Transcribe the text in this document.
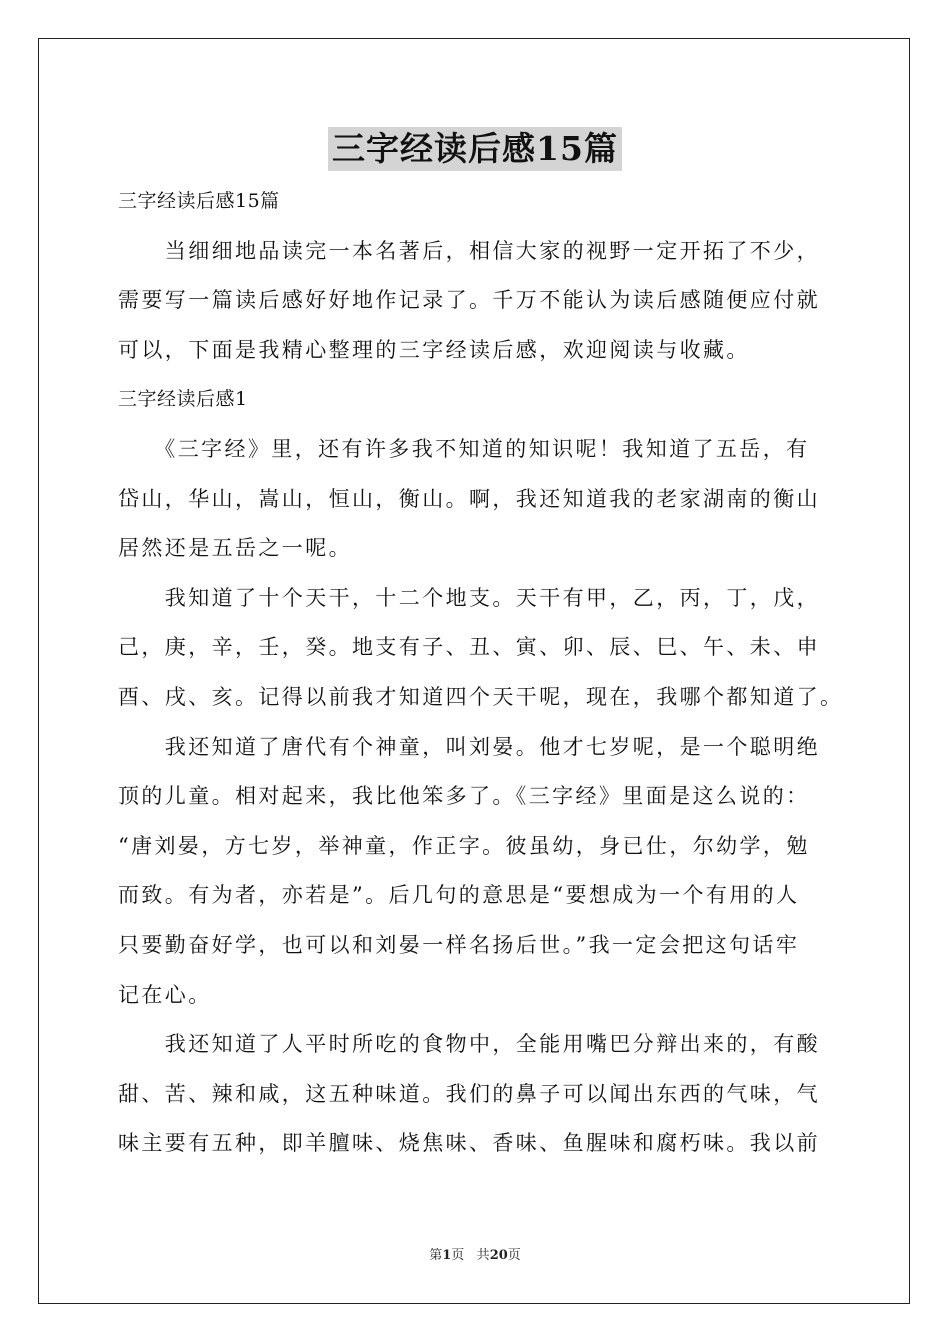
三字经读后感15篇
三字经读后感15篇
　　当细细地品读完一本名著后，相信大家的视野一定开拓了不少，
需要写一篇读后感好好地作记录了。千万不能认为读后感随便应付就
可以，下面是我精心整理的三字经读后感，欢迎阅读与收藏。
三字经读后感1
　　《三字经》里，还有许多我不知道的知识呢！我知道了五岳，有
岱山，华山，嵩山，恒山，衡山。啊，我还知道我的老家湖南的衡山
居然还是五岳之一呢。
　　我知道了十个天干，十二个地支。天干有甲，乙，丙，丁，戊，
己，庚，辛，壬，癸。地支有子、丑、寅、卯、辰、巳、午、未、申
酉、戌、亥。记得以前我才知道四个天干呢，现在，我哪个都知道了。
　　我还知道了唐代有个神童，叫刘晏。他才七岁呢，是一个聪明绝
顶的儿童。相对起来，我比他笨多了。《三字经》里面是这么说的：
“唐刘晏，方七岁，举神童，作正字。彼虽幼，身已仕，尔幼学，勉
而致。有为者，亦若是”。后几句的意思是“要想成为一个有用的人
只要勤奋好学，也可以和刘晏一样名扬后世。”我一定会把这句话牢
记在心。
　　我还知道了人平时所吃的食物中，全能用嘴巴分辩出来的，有酸
甜、苦、辣和咸，这五种味道。我们的鼻子可以闻出东西的气味，气
味主要有五种，即羊膻味、烧焦味、香味、鱼腥味和腐朽味。我以前
第1页 共20页
